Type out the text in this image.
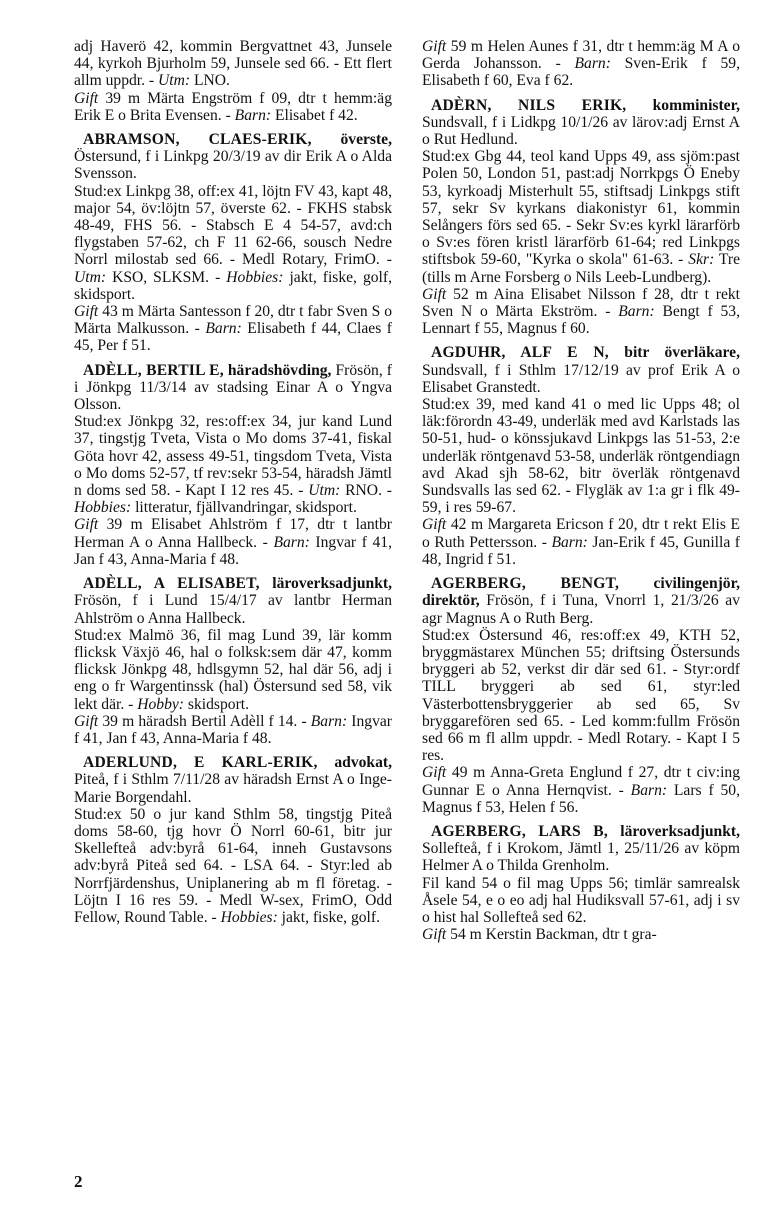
adj Haverö 42, kommin Bergvattnet 43, Junsele 44, kyrkoh Bjurholm 59, Junsele sed 66. - Ett flert allm uppdr. - Utm: LNO.

Gift 39 m Märta Engström f 09, dtr t hemm:äg Erik E o Brita Evensen. - Barn: Elisabet f 42.

ABRAMSON, CLAES-ERIK, överste, Östersund, f i Linkpg 20/3/19 av dir Erik A o Alda Svensson.

Stud:ex Linkpg 38, off:ex 41, löjtn FV 43, kapt 48, major 54, öv:löjtn 57, överste 62. - FKHS stabsk 48-49, FHS 56. - Stabsch E 4 54-57, avd:ch flygstaben 57-62, ch F 11 62-66, sousch Nedre Norrl milostab sed 66. - Medl Rotary, FrimO. - Utm: KSO, SLKSM. - Hobbies: jakt, fiske, golf, skidsport.

Gift 43 m Märta Santesson f 20, dtr t fabr Sven S o Märta Malkusson. - Barn: Elisabeth f 44, Claes f 45, Per f 51.

ADÈLL, BERTIL E, häradshövding, Frösön, f i Jönkpg 11/3/14 av stadsing Einar A o Yngva Olsson.

Stud:ex Jönkpg 32, res:off:ex 34, jur kand Lund 37, tingstjg Tveta, Vista o Mo doms 37-41, fiskal Göta hovr 42, assess 49-51, tingsdom Tveta, Vista o Mo doms 52-57, tf rev:sekr 53-54, häradsh Jämtl n doms sed 58. - Kapt I 12 res 45. - Utm: RNO. - Hobbies: litteratur, fjällvandringar, skidsport.

Gift 39 m Elisabet Ahlström f 17, dtr t lantbr Herman A o Anna Hallbeck. - Barn: Ingvar f 41, Jan f 43, Anna-Maria f 48.

ADÈLL, A ELISABET, läroverksadjunkt, Frösön, f i Lund 15/4/17 av lantbr Herman Ahlström o Anna Hallbeck.

Stud:ex Malmö 36, fil mag Lund 39, lär komm flicksk Växjö 46, hal o folksk:sem där 47, komm flicksk Jönkpg 48, hdlsgymn 52, hal där 56, adj i eng o fr Wargentinssk (hal) Östersund sed 58, vik lekt där. - Hobby: skidsport.

Gift 39 m häradsh Bertil Adèll f 14. - Barn: Ingvar f 41, Jan f 43, Anna-Maria f 48.

ADERLUND, E KARL-ERIK, advokat, Piteå, f i Sthlm 7/11/28 av häradsh Ernst A o Inge-Marie Borgendahl.

Stud:ex 50 o jur kand Sthlm 58, tingstjg Piteå doms 58-60, tjg hovr Ö Norrl 60-61, bitr jur Skellefteå adv:byrå 61-64, inneh Gustavsons adv:byrå Piteå sed 64. - LSA 64. - Styr:led ab Norrfjärdenshus, Uniplanering ab m fl företag. - Löjtn I 16 res 59. - Medl W-sex, FrimO, Odd Fellow, Round Table. - Hobbies: jakt, fiske, golf.

Gift 59 m Helen Aunes f 31, dtr t hemm:äg M A o Gerda Johansson. - Barn: Sven-Erik f 59, Elisabeth f 60, Eva f 62.

ADÈRN, NILS ERIK, komminister, Sundsvall, f i Lidkpg 10/1/26 av lärov:adj Ernst A o Rut Hedlund.

Stud:ex Gbg 44, teol kand Upps 49, ass sjöm:past Polen 50, London 51, past:adj Norrkpgs Ö Eneby 53, kyrkoadj Misterhult 55, stiftsadj Linkpgs stift 57, sekr Sv kyrkans diakonistyr 61, kommin Selångers förs sed 65. - Sekr Sv:es kyrkl lärarförb o Sv:es fören kristl lärarförb 61-64; red Linkpgs stiftsbok 59-60, "Kyrka o skola" 61-63. - Skr: Tre (tills m Arne Forsberg o Nils Leeb-Lundberg).

Gift 52 m Aina Elisabet Nilsson f 28, dtr t rekt Sven N o Märta Ekström. - Barn: Bengt f 53, Lennart f 55, Magnus f 60.

AGDUHR, ALF E N, bitr överläkare, Sundsvall, f i Sthlm 17/12/19 av prof Erik A o Elisabet Granstedt.

Stud:ex 39, med kand 41 o med lic Upps 48; ol läk:förordn 43-49, underläk med avd Karlstads las 50-51, hud- o könssjukavd Linkpgs las 51-53, 2:e underläk röntgenavd 53-58, underläk röntgendiagn avd Akad sjh 58-62, bitr överläk röntgenavd Sundsvalls las sed 62. - Flygläk av 1:a gr i flk 49-59, i res 59-67.

Gift 42 m Margareta Ericson f 20, dtr t rekt Elis E o Ruth Pettersson. - Barn: Jan-Erik f 45, Gunilla f 48, Ingrid f 51.

AGERBERG, BENGT, civilingenjör, direktör, Frösön, f i Tuna, Vnorrl 1, 21/3/26 av agr Magnus A o Ruth Berg.

Stud:ex Östersund 46, res:off:ex 49, KTH 52, bryggmästarex München 55; driftsing Östersunds bryggeri ab 52, verkst dir där sed 61. - Styr:ordf TILL bryggeri ab sed 61, styr:led Västerbottensbryggerier ab sed 65, Sv bryggarefören sed 65. - Led komm:fullm Frösön sed 66 m fl allm uppdr. - Medl Rotary. - Kapt I 5 res.

Gift 49 m Anna-Greta Englund f 27, dtr t civ:ing Gunnar E o Anna Hernqvist. - Barn: Lars f 50, Magnus f 53, Helen f 56.

AGERBERG, LARS B, läroverksadjunkt, Sollefteå, f i Krokom, Jämtl 1, 25/11/26 av köpm Helmer A o Thilda Grenholm.

Fil kand 54 o fil mag Upps 56; timlär samrealsk Åsele 54, e o eo adj hal Hudiksvall 57-61, adj i sv o hist hal Sollefteå sed 62.

Gift 54 m Kerstin Backman, dtr t gra-

2
